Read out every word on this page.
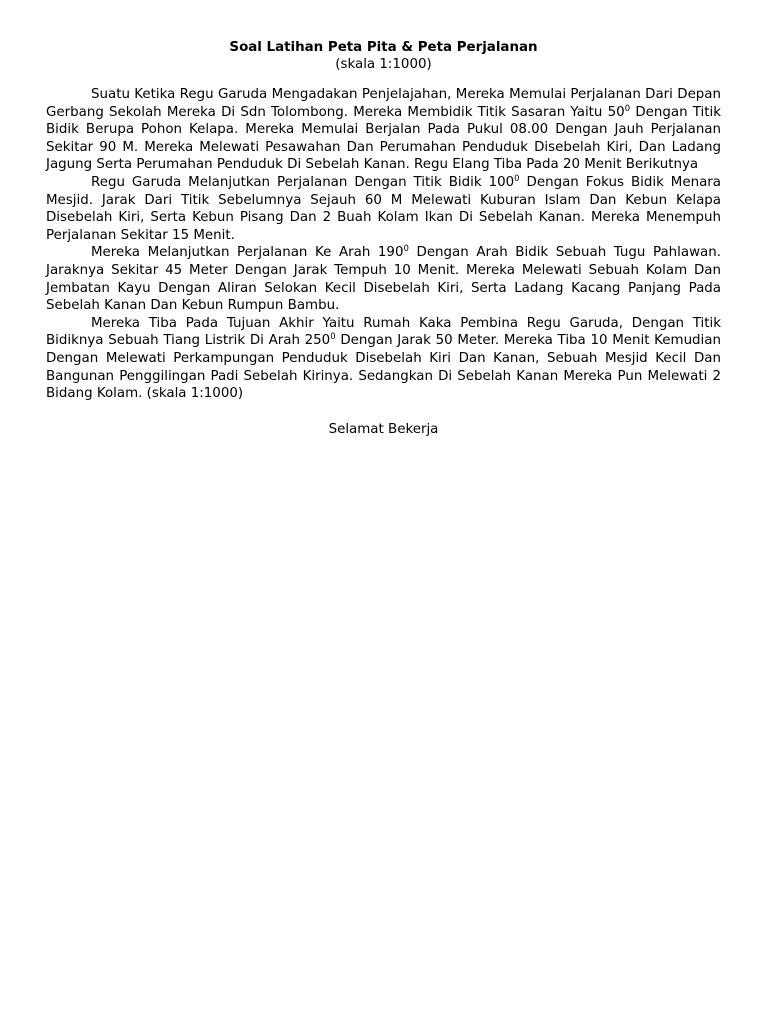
Soal Latihan Peta Pita & Peta Perjalanan

(skala 1:1000)

Suatu Ketika Regu Garuda Mengadakan Penjelajahan, Mereka Memulai Perjalanan Dari Depan Gerbang Sekolah Mereka Di Sdn Tolombong. Mereka Membidik Titik Sasaran Yaitu $50^0$ Dengan Titik Bidik Berupa Pohon Kelapa. Mereka Memulai Berjalan Pada Pukul 08.00 Dengan Jauh Perjalanan Sekitar 90 M. Mereka Melewati Pesawahan Dan Perumahan Penduduk Disebelah Kiri, Dan Ladang Jagung Serta Perumahan Penduduk Di Sebelah Kanan. Regu Elang Tiba Pada 20 Menit Berikutnya

Regu Garuda Melanjutkan Perjalanan Dengan Titik Bidik $100^0$ Dengan Fokus Bidik Menara Mesjid. Jarak Dari Titik Sebelumnya Sejauh 60 M Melewati Kuburan Islam Dan Kebun Kelapa Disebelah Kiri, Serta Kebun Pisang Dan 2 Buah Kolam Ikan Di Sebelah Kanan. Mereka Menempuh Perjalanan Sekitar 15 Menit.

Mereka Melanjutkan Perjalanan Ke Arah $190^0$ Dengan Arah Bidik Sebuah Tugu Pahlawan. Jaraknya Sekitar 45 Meter Dengan Jarak Tempuh 10 Menit. Mereka Melewati Sebuah Kolam Dan Jembatan Kayu Dengan Aliran Selokan Kecil Disebelah Kiri, Serta Ladang Kacang Panjang Pada Sebelah Kanan Dan Kebun Rumpun Bambu.

Mereka Tiba Pada Tujuan Akhir Yaitu Rumah Kaka Pembina Regu Garuda, Dengan Titik Bidiknya Sebuah Tiang Listrik Di Arah $250^0$ Dengan Jarak 50 Meter. Mereka Tiba 10 Menit Kemudian Dengan Melewati Perkampungan Penduduk Disebelah Kiri Dan Kanan, Sebuah Mesjid Kecil Dan Bangunan Penggilingan Padi Sebelah Kirinya. Sedangkan Di Sebelah Kanan Mereka Pun Melewati 2 Bidang Kolam. (skala 1:1000)

Selamat Bekerja
